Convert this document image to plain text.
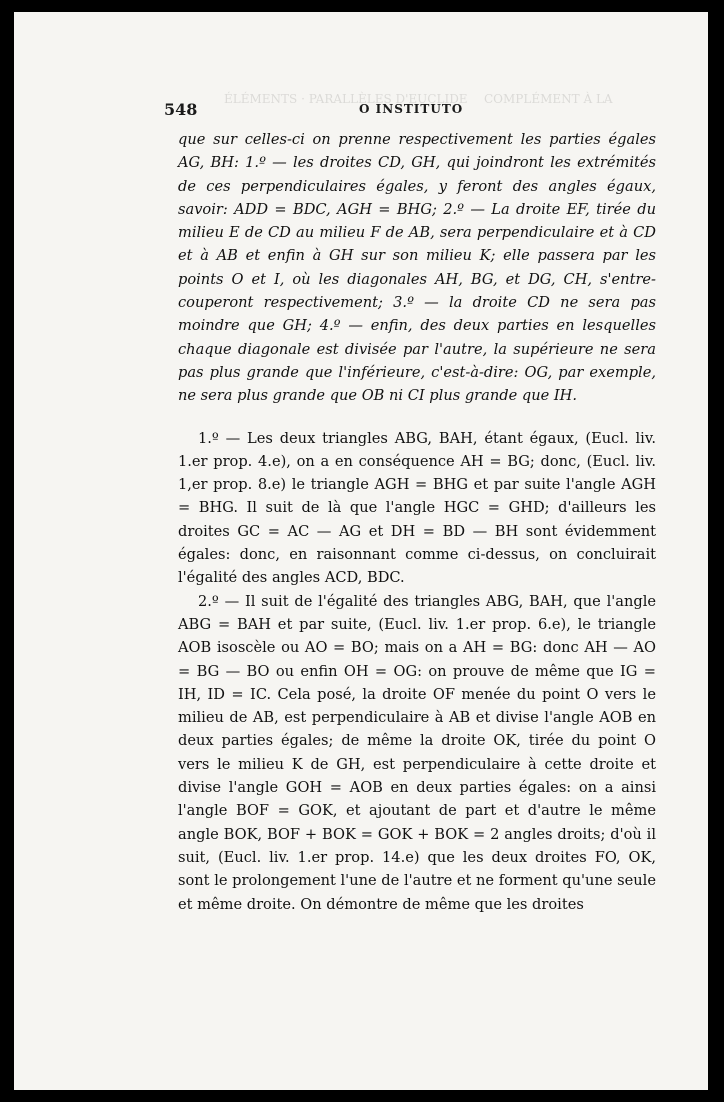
ÉLÉMENTS · PARALLÈLES D'EUCLIDE COMPLÉMENT À LA
548	O INSTITUTO

que sur celles-ci on prenne respectivement les parties égales AG, BH: 1.º — les droites CD, GH, qui joindront les extrémités de ces perpendiculaires égales, y feront des angles égaux, savoir: ADD = BDC, AGH = BHG; 2.º — La droite EF, tirée du milieu E de CD au milieu F de AB, sera perpendiculaire et à CD et à AB et enfin à GH sur son milieu K; elle passera par les points O et I, où les diagonales AH, BG, et DG, CH, s'entre-couperont respectivement; 3.º — la droite CD ne sera pas moindre que GH; 4.º — enfin, des deux parties en lesquelles chaque diagonale est divisée par l'autre, la supérieure ne sera pas plus grande que l'inférieure, c'est-à-dire: OG, par exemple, ne sera plus grande que OB ni CI plus grande que IH.

1.º — Les deux triangles ABG, BAH, étant égaux, (Eucl. liv. 1.er prop. 4.e), on a en conséquence AH = BG; donc, (Eucl. liv. 1,er prop. 8.e) le triangle AGH = BHG et par suite l'angle AGH = BHG. Il suit de là que l'angle HGC = GHD; d'ailleurs les droites GC = AC — AG et DH = BD — BH sont évidemment égales: donc, en raisonnant comme ci-dessus, on concluirait l'égalité des angles ACD, BDC.

2.º — Il suit de l'égalité des triangles ABG, BAH, que l'angle ABG = BAH et par suite, (Eucl. liv. 1.er prop. 6.e), le triangle AOB isoscèle ou AO = BO; mais on a AH = BG: donc AH — AO = BG — BO ou enfin OH = OG: on prouve de même que IG = IH, ID = IC. Cela posé, la droite OF menée du point O vers le milieu de AB, est perpendiculaire à AB et divise l'angle AOB en deux parties égales; de même la droite OK, tirée du point O vers le milieu K de GH, est perpendiculaire à cette droite et divise l'angle GOH = AOB en deux parties égales: on a ainsi l'angle BOF = GOK, et ajoutant de part et d'autre le même angle BOK, BOF + BOK = GOK + BOK = 2 angles droits; d'où il suit, (Eucl. liv. 1.er prop. 14.e) que les deux droites FO, OK, sont le prolongement l'une de l'autre et ne forment qu'une seule et même droite. On démontre de même que les droites
